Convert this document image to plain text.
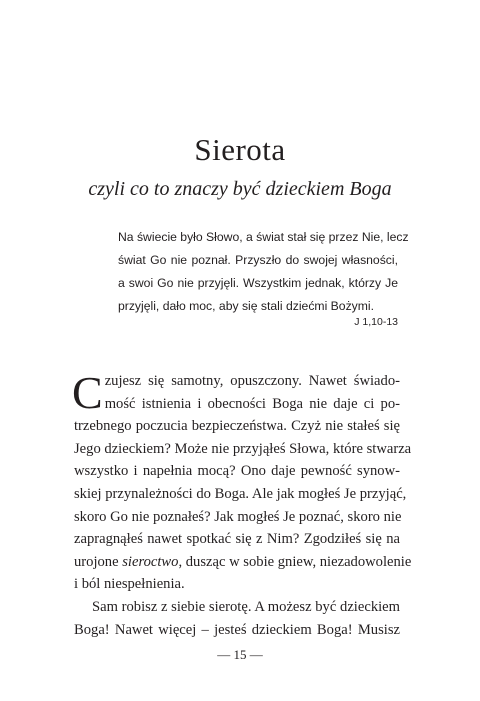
Sierota

czyli co to znaczy być dzieckiem Boga

Na świecie było Słowo, a świat stał się przez Nie, lecz
świat Go nie poznał. Przyszło do swojej własności,
a swoi Go nie przyjęli. Wszystkim jednak, którzy Je
przyjęli, dało moc, aby się stali dziećmi Bożymi.

J 1,10-13

C zujesz się samotny, opuszczony. Nawet świado-
mość istnienia i obecności Boga nie daje ci po-
trzebnego poczucia bezpieczeństwa. Czyż nie stałeś się
Jego dzieckiem? Może nie przyjąłeś Słowa, które stwarza
wszystko i napełnia mocą? Ono daje pewność synow-
skiej przynależności do Boga. Ale jak mogłeś Je przyjąć,
skoro Go nie poznałeś? Jak mogłeś Je poznać, skoro nie
zapragnąłeś nawet spotkać się z Nim? Zgodziłeś się na
urojone sieroctwo, dusząc w sobie gniew, niezadowolenie
i ból niespełnienia.
Sam robisz z siebie sierotę. A możesz być dzieckiem
Boga! Nawet więcej – jesteś dzieckiem Boga! Musisz
— 15 —
